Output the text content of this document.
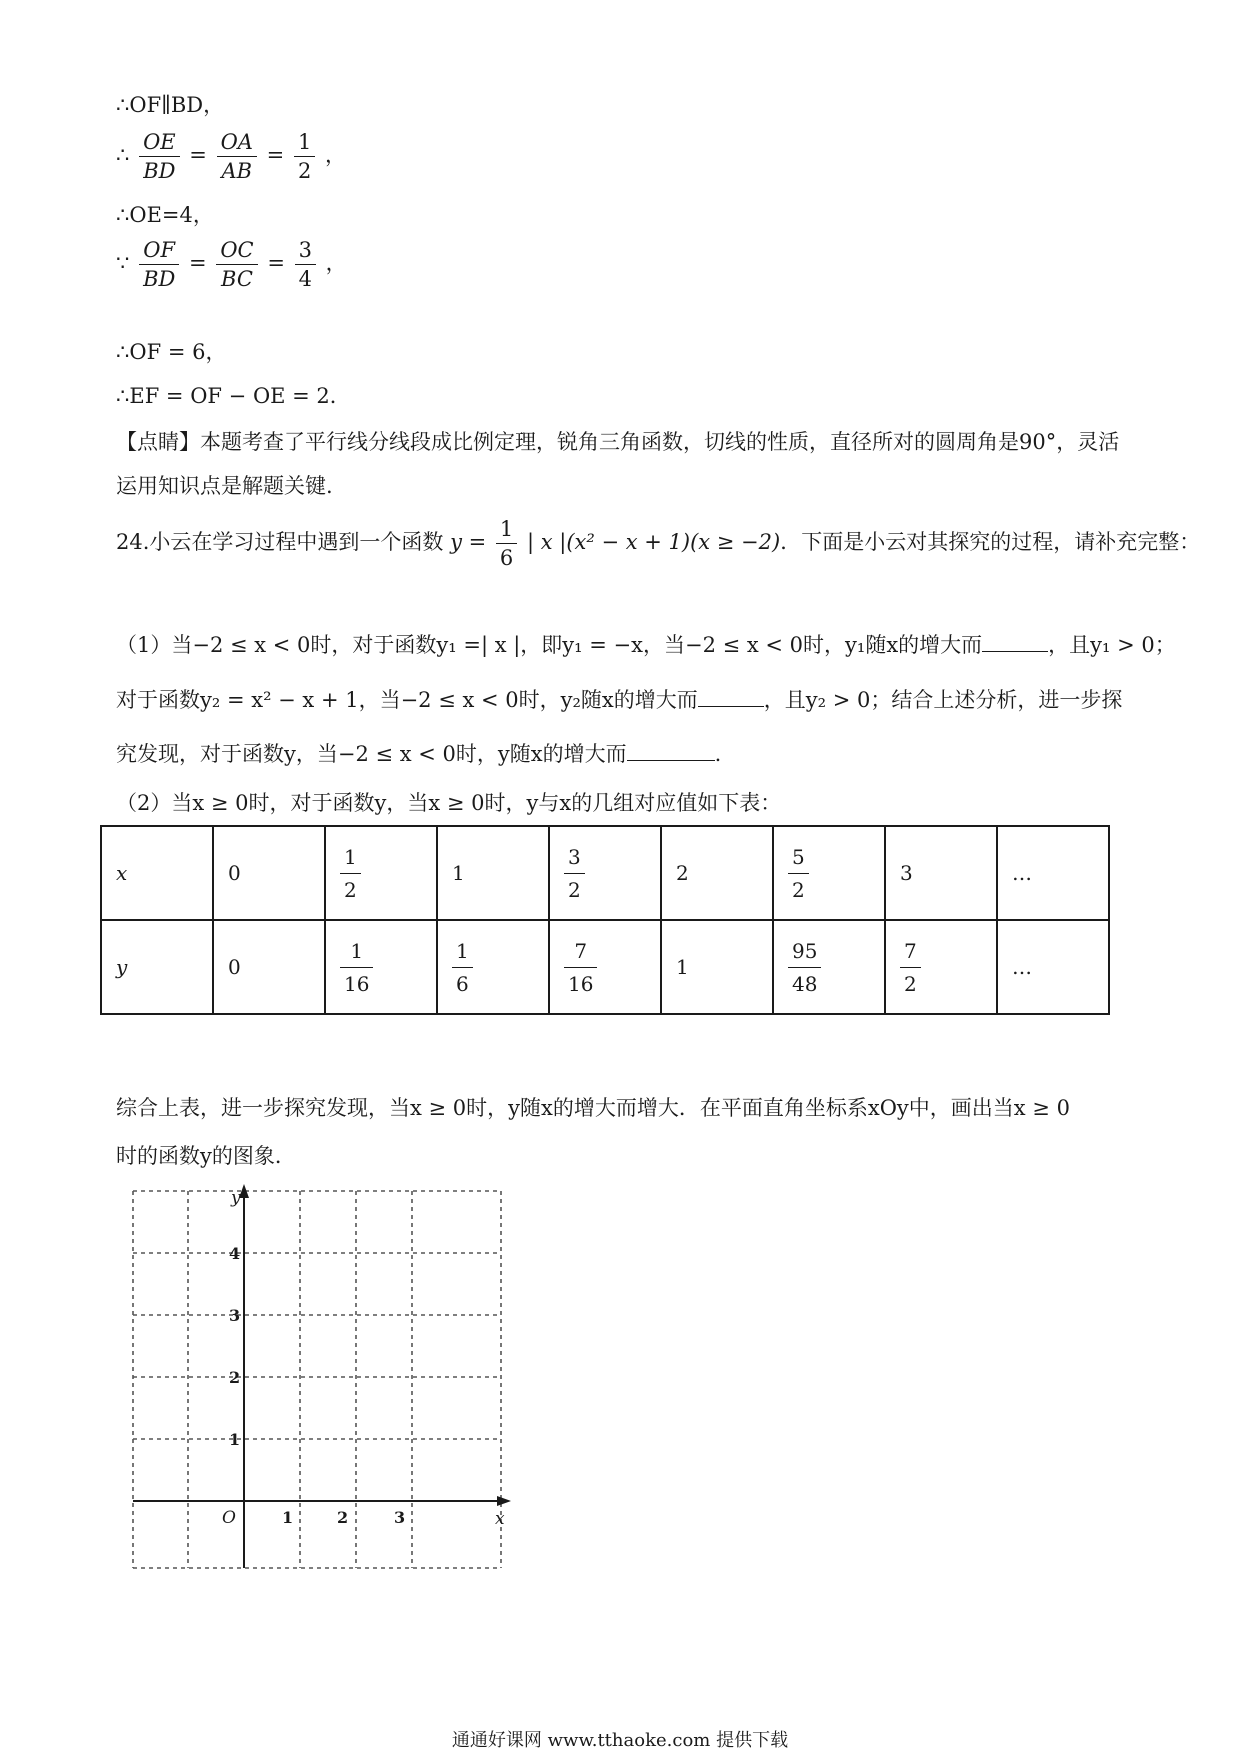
∴OF∥BD，
∴ $\frac{OE}{BD} = \frac{OA}{AB} = \frac{1}{2}$ ，
∴OE=4，
∵ $\frac{OF}{BD} = \frac{OC}{BC} = \frac{3}{4}$ ，
∴OF = 6，
∴EF = OF − OE = 2．
【点睛】本题考查了平行线分线段成比例定理，锐角三角函数，切线的性质，直径所对的圆周角是90°，灵活运用知识点是解题关键.
24.小云在学习过程中遇到一个函数 $y = \frac{1}{6}$ | x |(x² − x + 1)(x ≥ −2)．下面是小云对其探究的过程，请补充完整：
（1）当−2 ≤ x < 0时，对于函数y₁ =| x |，即y₁ = −x，当−2 ≤ x < 0时，y₁随x的增大而	，且y₁ > 0；
对于函数y₂ = x² − x + 1，当−2 ≤ x < 0时，y₂随x的增大而	，且y₂ > 0；结合上述分析，进一步探
究发现，对于函数y，当−2 ≤ x < 0时，y随x的增大而	.
（2）当x ≥ 0时，对于函数y，当x ≥ 0时，y与x的几组对应值如下表：
x	0	$\frac{1}{2}$	1	$\frac{3}{2}$	2	$\frac{5}{2}$	3	…
y	0	$\frac{1}{16}$	$\frac{1}{6}$	$\frac{7}{16}$	1	$\frac{95}{48}$	$\frac{7}{2}$	…
综合上表，进一步探究发现，当x ≥ 0时，y随x的增大而增大．在平面直角坐标系xOy中，画出当x ≥ 0
时的函数y的图象．
y
x
O
4
3
2
1
1	2	3
通通好课网 www.tthaoke.com 提供下载
